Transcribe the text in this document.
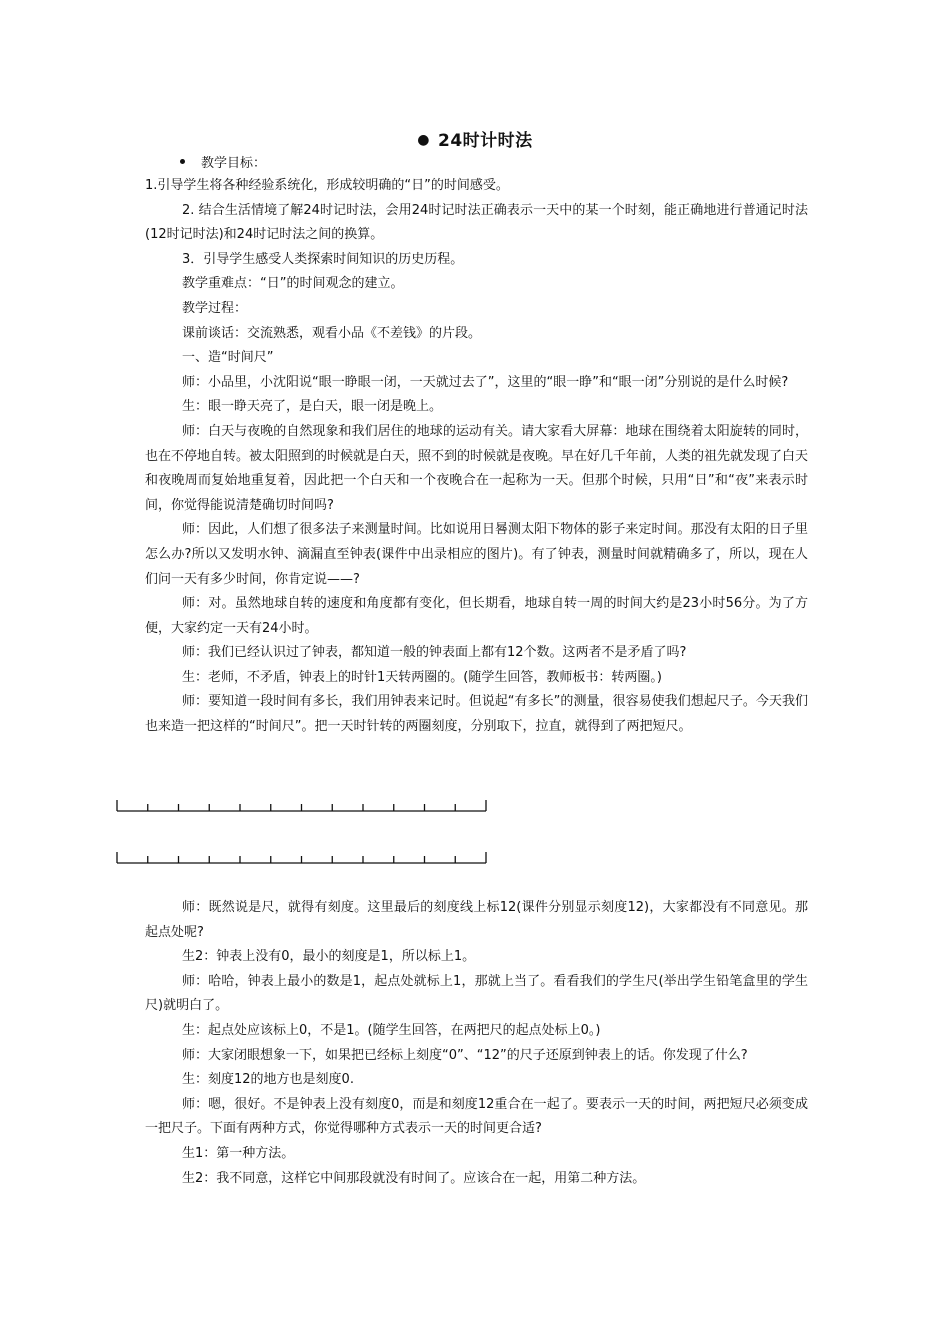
● 24时计时法
教学目标：

1.引导学生将各种经验系统化，形成较明确的“日”的时间感受。

2. 结合生活情境了解24时记时法，会用24时记时法正确表示一天中的某一个时刻，能正确地进行普通记时法(12时记时法)和24时记时法之间的换算。

3．引导学生感受人类探索时间知识的历史历程。

教学重难点：“日”的时间观念的建立。

教学过程：

课前谈话：交流熟悉，观看小品《不差钱》的片段。

一、造“时间尺”

师：小品里，小沈阳说“眼一睁眼一闭，一天就过去了”，这里的“眼一睁”和“眼一闭”分别说的是什么时候?

生：眼一睁天亮了，是白天，眼一闭是晚上。

师：白天与夜晚的自然现象和我们居住的地球的运动有关。请大家看大屏幕：地球在围绕着太阳旋转的同时，也在不停地自转。被太阳照到的时候就是白天，照不到的时候就是夜晚。早在好几千年前，人类的祖先就发现了白天和夜晚周而复始地重复着，因此把一个白天和一个夜晚合在一起称为一天。但那个时候，只用“日”和“夜”来表示时间，你觉得能说清楚确切时间吗?

师：因此，人们想了很多法子来测量时间。比如说用日晷测太阳下物体的影子来定时间。那没有太阳的日子里怎么办?所以又发明水钟、滴漏直至钟表(课件中出录相应的图片)。有了钟表，测量时间就精确多了，所以，现在人们问一天有多少时间，你肯定说——?

师：对。虽然地球自转的速度和角度都有变化，但长期看，地球自转一周的时间大约是23小时56分。为了方便，大家约定一天有24小时。

师：我们已经认识过了钟表，都知道一般的钟表面上都有12个数。这两者不是矛盾了吗?

生：老师，不矛盾，钟表上的时针1天转两圈的。(随学生回答，教师板书：转两圈。)

师：要知道一段时间有多长，我们用钟表来记时。但说起“有多长”的测量，很容易使我们想起尺子。今天我们也来造一把这样的“时间尺”。把一天时针转的两圈刻度，分别取下，拉直，就得到了两把短尺。

师：既然说是尺，就得有刻度。这里最后的刻度线上标12(课件分别显示刻度12)，大家都没有不同意见。那起点处呢?

生2：钟表上没有0，最小的刻度是1，所以标上1。

师：哈哈，钟表上最小的数是1，起点处就标上1，那就上当了。看看我们的学生尺(举出学生铅笔盒里的学生尺)就明白了。

生：起点处应该标上0，不是1。(随学生回答，在两把尺的起点处标上0。)

师：大家闭眼想象一下，如果把已经标上刻度“0”、“12”的尺子还原到钟表上的话。你发现了什么?

生：刻度12的地方也是刻度0.

师：嗯，很好。不是钟表上没有刻度0，而是和刻度12重合在一起了。要表示一天的时间，两把短尺必须变成一把尺子。下面有两种方式，你觉得哪种方式表示一天的时间更合适?

生1：第一种方法。

生2：我不同意，这样它中间那段就没有时间了。应该合在一起，用第二种方法。
